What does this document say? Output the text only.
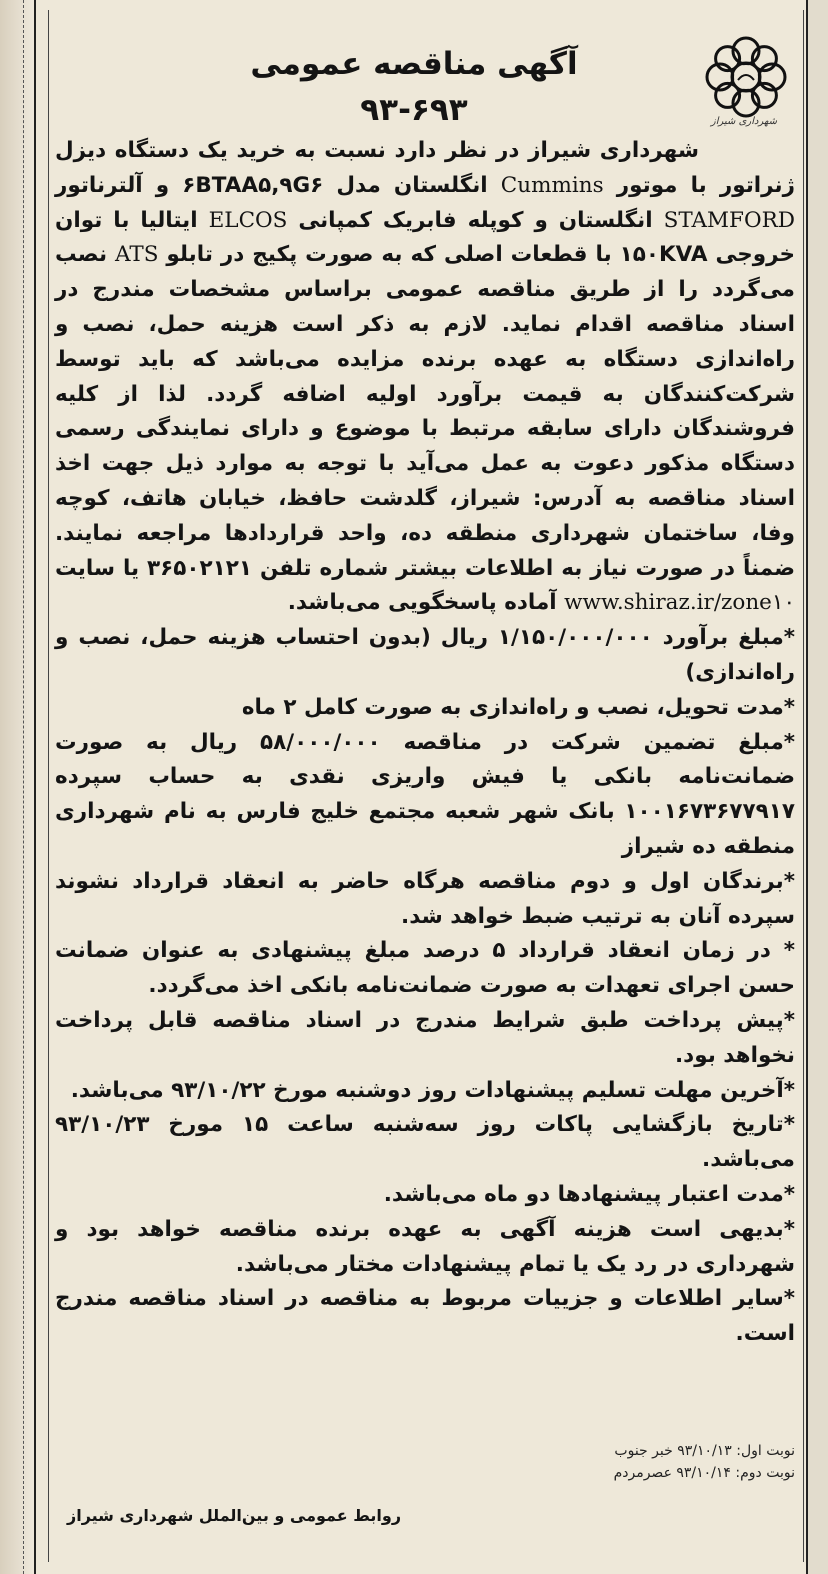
شهرداری شیراز
آگهی مناقصه عمومی
۹۳-۶۹۳

شهرداری شیراز در نظر دارد نسبت به خرید یک دستگاه دیزل ژنراتور با موتور Cummins انگلستان مدل ۶BTAA۵,۹G۶ و آلترناتور STAMFORD انگلستان و کوپله فابریک کمپانی ELCOS ایتالیا با توان خروجی ۱۵۰KVA با قطعات اصلی که به صورت پکیج در تابلو ATS نصب می‌گردد را از طریق مناقصه عمومی براساس مشخصات مندرج در اسناد مناقصه اقدام نماید. لازم به ذکر است هزینه حمل، نصب و راه‌اندازی دستگاه به عهده برنده مزایده می‌باشد که باید توسط شرکت‌کنندگان به قیمت برآورد اولیه اضافه گردد. لذا از کلیه فروشندگان دارای سابقه مرتبط با موضوع و دارای نمایندگی رسمی دستگاه مذکور دعوت به عمل می‌آید با توجه به موارد ذیل جهت اخذ اسناد مناقصه به آدرس: شیراز، گلدشت حافظ، خیابان هاتف، کوچه وفا، ساختمان شهرداری منطقه ده، واحد قراردادها مراجعه نمایند. ضمناً در صورت نیاز به اطلاعات بیشتر شماره تلفن ۳۶۵۰۲۱۲۱ یا سایت www.shiraz.ir/zone۱۰ آماده پاسخگویی می‌باشد.

*مبلغ برآورد ۱/۱۵۰/۰۰۰/۰۰۰ ریال (بدون احتساب هزینه حمل، نصب و راه‌اندازی)
*مدت تحویل، نصب و راه‌اندازی به صورت کامل ۲ ماه
*مبلغ تضمین شرکت در مناقصه ۵۸/۰۰۰/۰۰۰ ریال به صورت ضمانت‌نامه بانکی یا فیش واریزی نقدی به حساب سپرده ۱۰۰۱۶۷۳۶۷۷۹۱۷ بانک شهر شعبه مجتمع خلیج فارس به نام شهرداری منطقه ده شیراز
*برندگان اول و دوم مناقصه هرگاه حاضر به انعقاد قرارداد نشوند سپرده آنان به ترتیب ضبط خواهد شد.
* در زمان انعقاد قرارداد ۵ درصد مبلغ پیشنهادی به عنوان ضمانت حسن اجرای تعهدات به صورت ضمانت‌نامه بانکی اخذ می‌گردد.
*پیش پرداخت طبق شرایط مندرج در اسناد مناقصه قابل پرداخت نخواهد بود.
*آخرین مهلت تسلیم پیشنهادات روز دوشنبه مورخ ۹۳/۱۰/۲۲ می‌باشد.
*تاریخ بازگشایی پاکات روز سه‌شنبه ساعت ۱۵ مورخ ۹۳/۱۰/۲۳ می‌باشد.
*مدت اعتبار پیشنهادها دو ماه می‌باشد.
*بدیهی است هزینه آگهی به عهده برنده مناقصه خواهد بود و شهرداری در رد یک یا تمام پیشنهادات مختار می‌باشد.
*سایر اطلاعات و جزییات مربوط به مناقصه در اسناد مناقصه مندرج است.

نوبت اول: ۹۳/۱۰/۱۳ خبر جنوب

نوبت دوم: ۹۳/۱۰/۱۴ عصرمردم

روابط عمومی و بین‌الملل شهرداری شیراز
